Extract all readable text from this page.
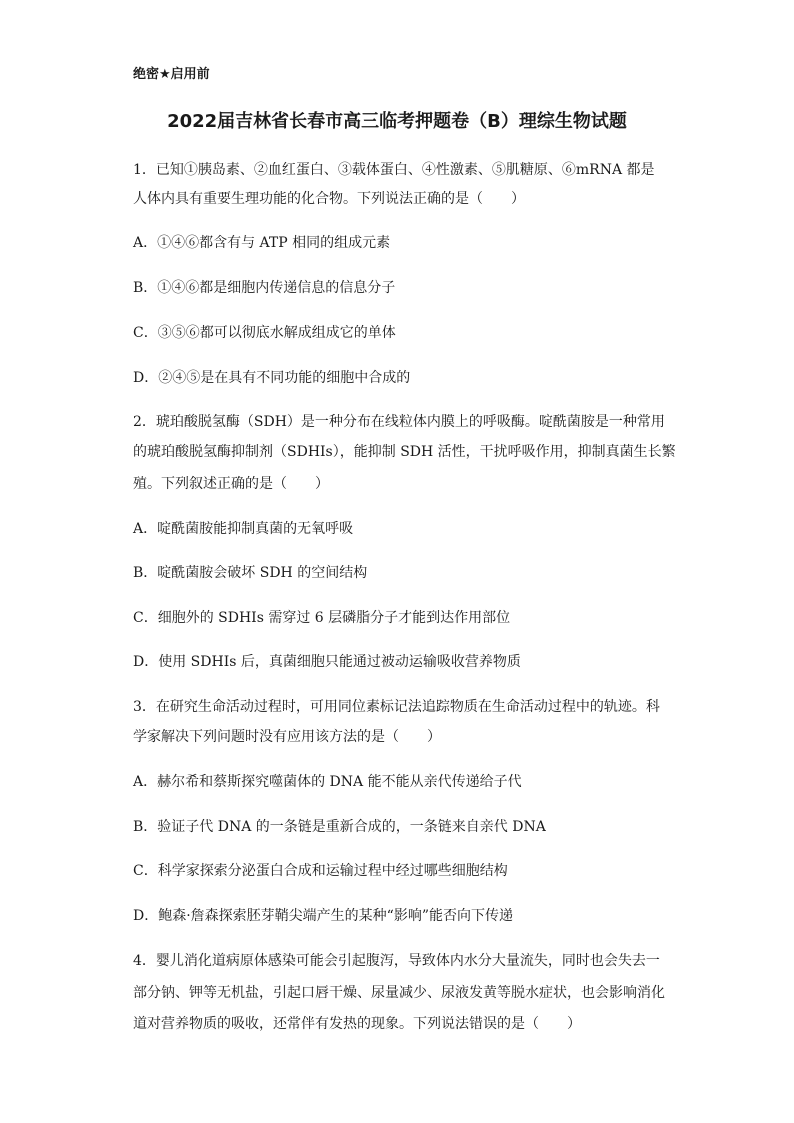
绝密★启用前
2022届吉林省长春市高三临考押题卷（B）理综生物试题
1．已知①胰岛素、②血红蛋白、③载体蛋白、④性激素、⑤肌糖原、⑥mRNA 都是
人体内具有重要生理功能的化合物。下列说法正确的是（　　）
A．①④⑥都含有与 ATP 相同的组成元素
B．①④⑥都是细胞内传递信息的信息分子
C．③⑤⑥都可以彻底水解成组成它的单体
D．②④⑤是在具有不同功能的细胞中合成的
2．琥珀酸脱氢酶（SDH）是一种分布在线粒体内膜上的呼吸酶。啶酰菌胺是一种常用
的琥珀酸脱氢酶抑制剂（SDHIs），能抑制 SDH 活性，干扰呼吸作用，抑制真菌生长繁
殖。下列叙述正确的是（　　）
A．啶酰菌胺能抑制真菌的无氧呼吸
B．啶酰菌胺会破坏 SDH 的空间结构
C．细胞外的 SDHIs 需穿过 6 层磷脂分子才能到达作用部位
D．使用 SDHIs 后，真菌细胞只能通过被动运输吸收营养物质
3．在研究生命活动过程时，可用同位素标记法追踪物质在生命活动过程中的轨迹。科
学家解决下列问题时没有应用该方法的是（　　）
A．赫尔希和蔡斯探究噬菌体的 DNA 能不能从亲代传递给子代
B．验证子代 DNA 的一条链是重新合成的，一条链来自亲代 DNA
C．科学家探索分泌蛋白合成和运输过程中经过哪些细胞结构
D．鲍森·詹森探索胚芽鞘尖端产生的某种“影响”能否向下传递
4．婴儿消化道病原体感染可能会引起腹泻，导致体内水分大量流失，同时也会失去一
部分钠、钾等无机盐，引起口唇干燥、尿量减少、尿液发黄等脱水症状，也会影响消化
道对营养物质的吸收，还常伴有发热的现象。下列说法错误的是（　　）
